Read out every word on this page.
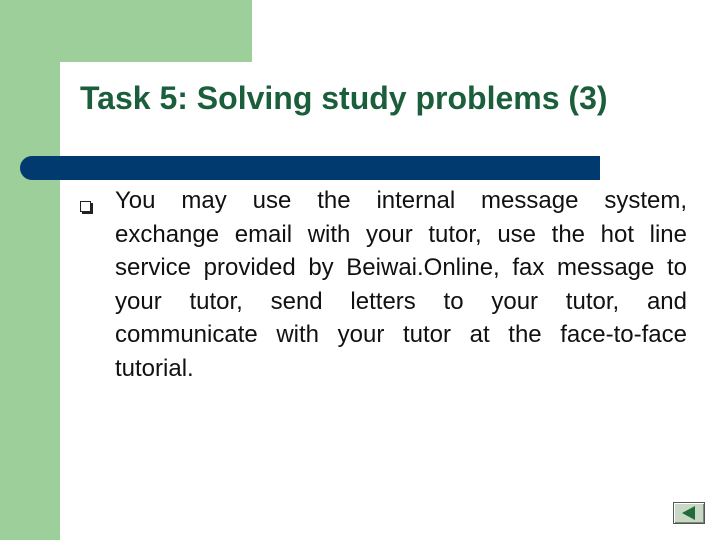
Task 5: Solving study problems (3)
You may use the internal message system, exchange email with your tutor, use the hot line service provided by Beiwai.Online, fax message to your tutor, send letters to your tutor, and communicate with your tutor at the face-to-face tutorial.
